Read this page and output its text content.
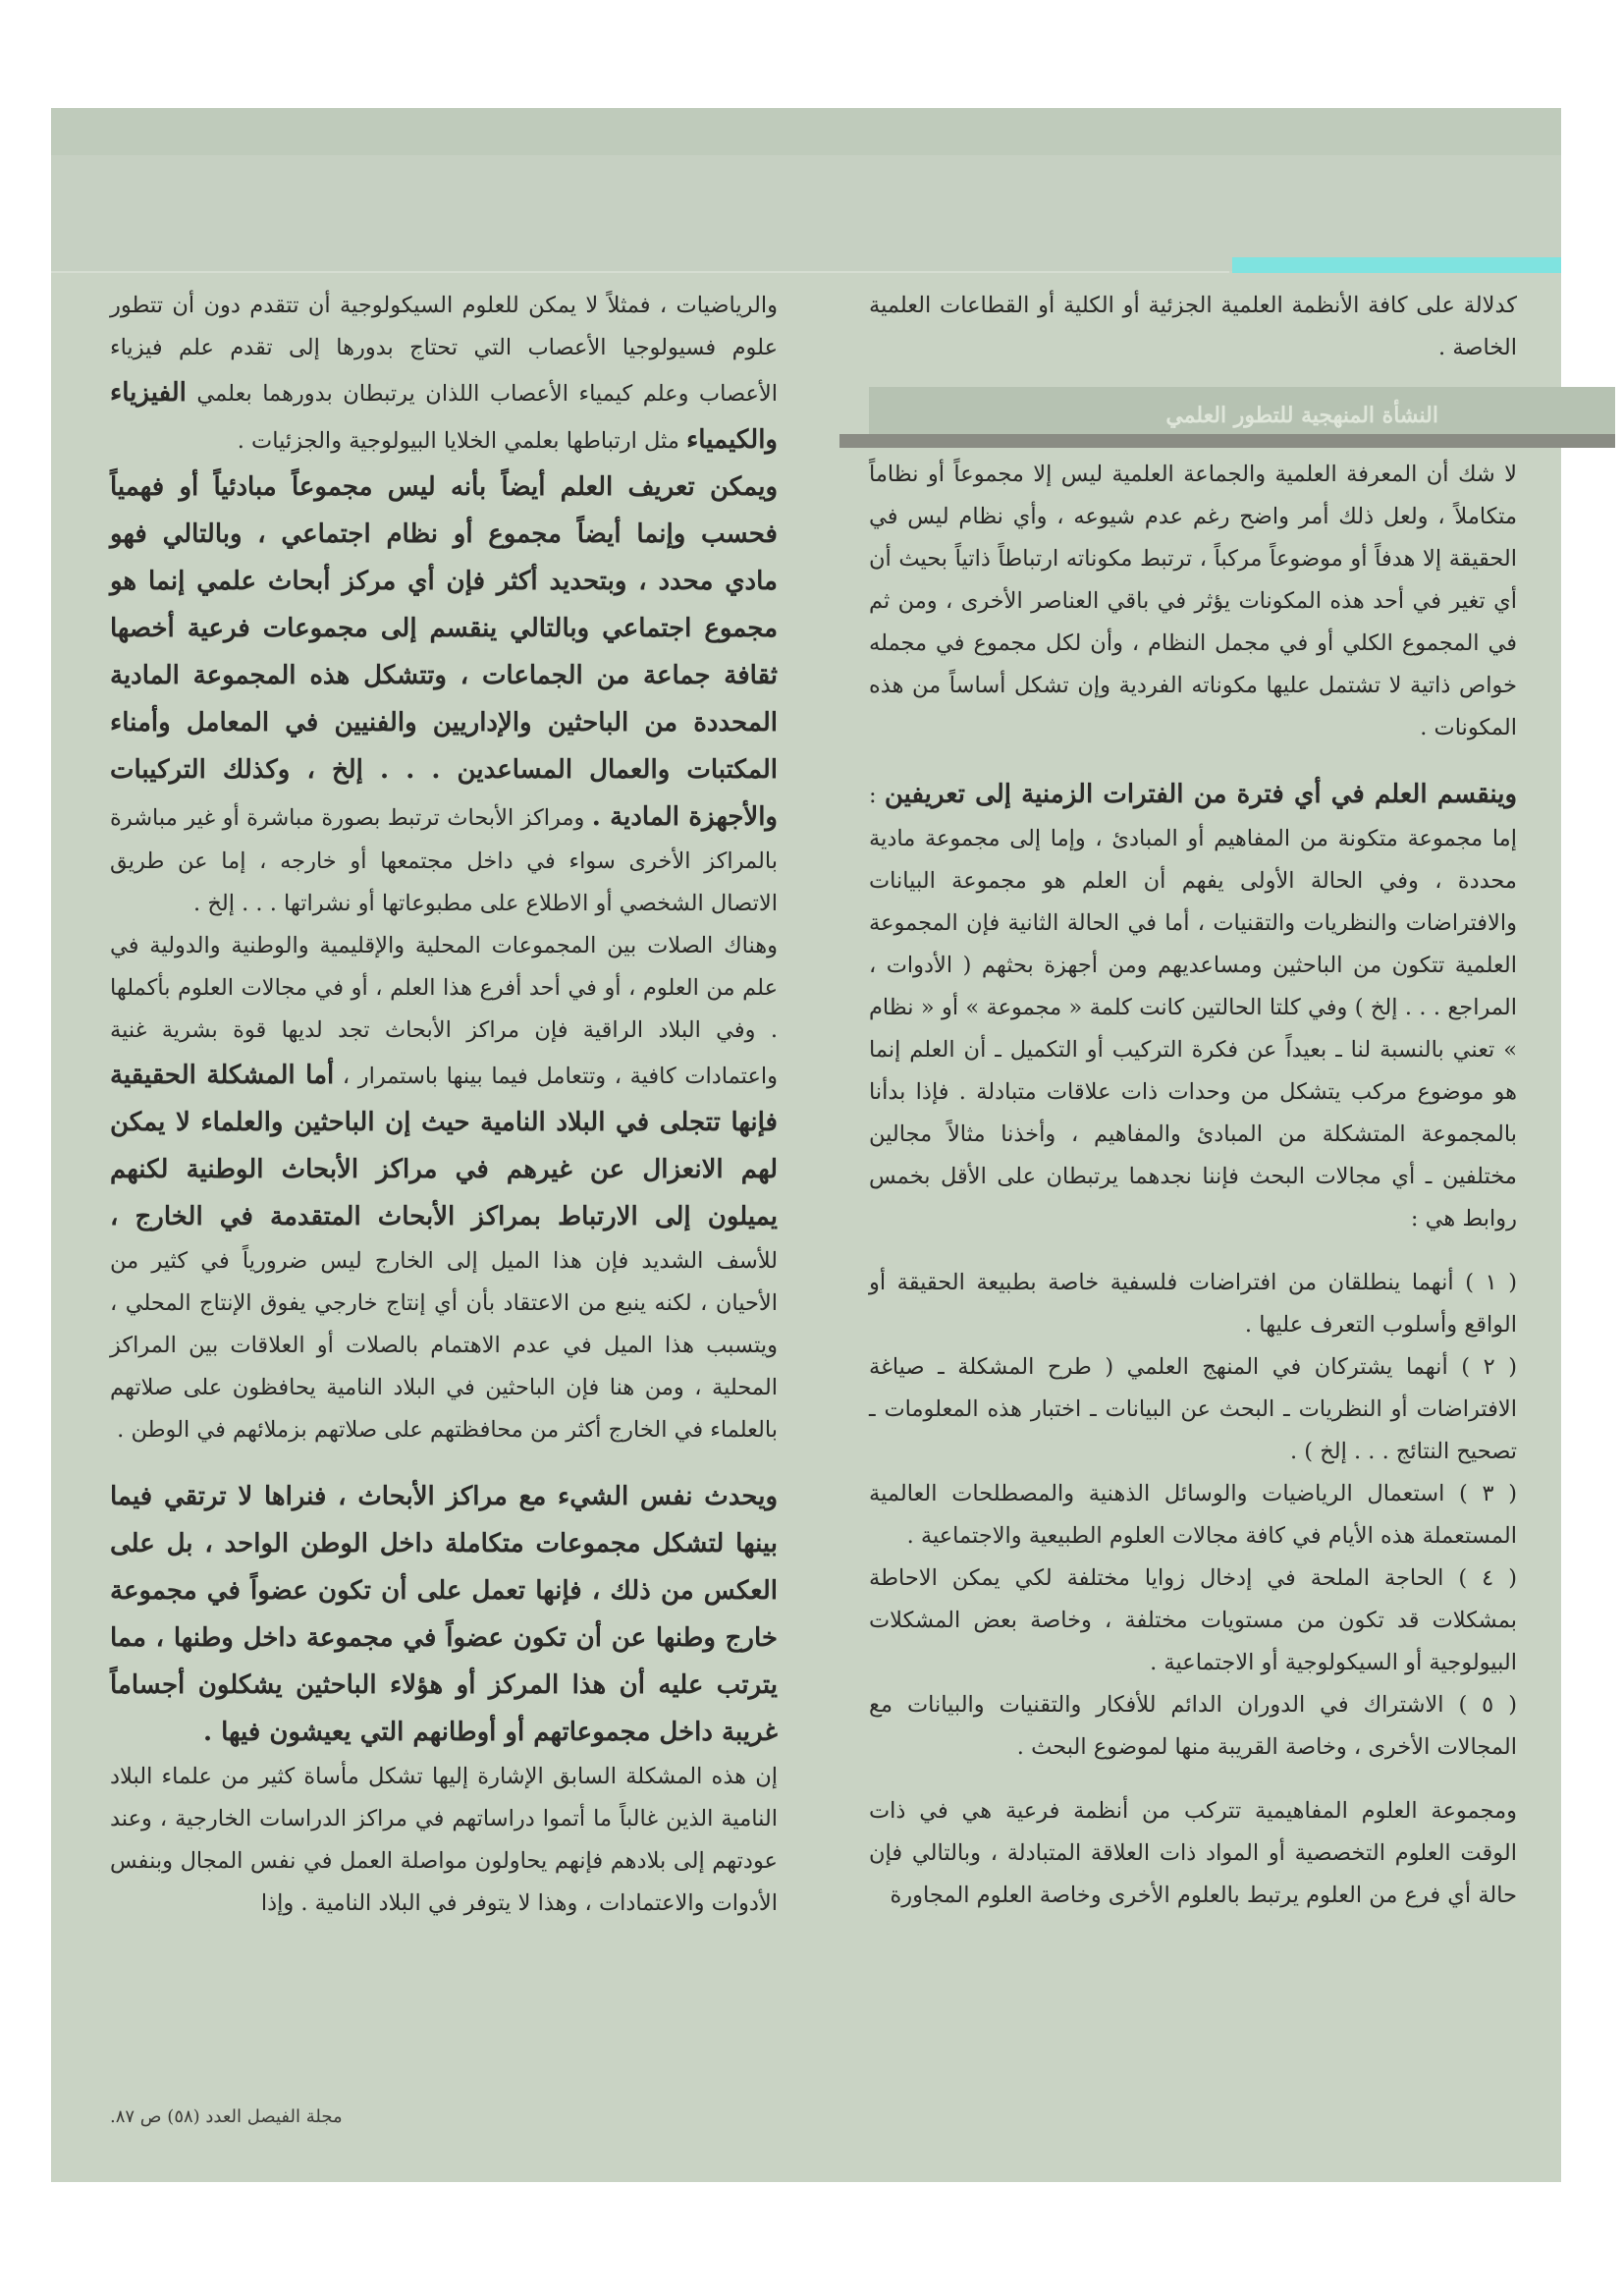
كدلالة على كافة الأنظمة العلمية الجزئية أو الكلية أو القطاعات العلمية الخاصة .

النشأة المنهجية للتطور العلمي

لا شك أن المعرفة العلمية والجماعة العلمية ليس إلا مجموعاً أو نظاماً متكاملاً ، ولعل ذلك أمر واضح رغم عدم شيوعه ، وأي نظام ليس في الحقيقة إلا هدفاً أو موضوعاً مركباً ، ترتبط مكوناته ارتباطاً ذاتياً بحيث أن أي تغير في أحد هذه المكونات يؤثر في باقي العناصر الأخرى ، ومن ثم في المجموع الكلي أو في مجمل النظام ، وأن لكل مجموع في مجمله خواص ذاتية لا تشتمل عليها مكوناته الفردية وإن تشكل أساساً من هذه المكونات .

وينقسم العلم في أي فترة من الفترات الزمنية إلى تعريفين : إما مجموعة متكونة من المفاهيم أو المبادئ ، وإما إلى مجموعة مادية محددة ، وفي الحالة الأولى يفهم أن العلم هو مجموعة البيانات والافتراضات والنظريات والتقنيات ، أما في الحالة الثانية فإن المجموعة العلمية تتكون من الباحثين ومساعديهم ومن أجهزة بحثهم ( الأدوات ، المراجع . . . إلخ ) وفي كلتا الحالتين كانت كلمة « مجموعة » أو « نظام » تعني بالنسبة لنا ـ بعيداً عن فكرة التركيب أو التكميل ـ أن العلم إنما هو موضوع مركب يتشكل من وحدات ذات علاقات متبادلة . فإذا بدأنا بالمجموعة المتشكلة من المبادئ والمفاهيم ، وأخذنا مثالاً مجالين مختلفين ـ أي مجالات البحث فإننا نجدهما يرتبطان على الأقل بخمس روابط هي :

( ١ ) أنهما ينطلقان من افتراضات فلسفية خاصة بطبيعة الحقيقة أو الواقع وأسلوب التعرف عليها .

( ٢ ) أنهما يشتركان في المنهج العلمي ( طرح المشكلة ـ صياغة الافتراضات أو النظريات ـ البحث عن البيانات ـ اختبار هذه المعلومات ـ تصحيح النتائج . . . إلخ ) .

( ٣ ) استعمال الرياضيات والوسائل الذهنية والمصطلحات العالمية المستعملة هذه الأيام في كافة مجالات العلوم الطبيعية والاجتماعية .

( ٤ ) الحاجة الملحة في إدخال زوايا مختلفة لكي يمكن الاحاطة بمشكلات قد تكون من مستويات مختلفة ، وخاصة بعض المشكلات البيولوجية أو السيكولوجية أو الاجتماعية .

( ٥ ) الاشتراك في الدوران الدائم للأفكار والتقنيات والبيانات مع المجالات الأخرى ، وخاصة القريبة منها لموضوع البحث .

ومجموعة العلوم المفاهيمية تتركب من أنظمة فرعية هي في ذات الوقت العلوم التخصصية أو المواد ذات العلاقة المتبادلة ، وبالتالي فإن حالة أي فرع من العلوم يرتبط بالعلوم الأخرى وخاصة العلوم المجاورة

والرياضيات ، فمثلاً لا يمكن للعلوم السيكولوجية أن تتقدم دون أن تتطور علوم فسيولوجيا الأعصاب التي تحتاج بدورها إلى تقدم علم فيزياء الأعصاب وعلم كيمياء الأعصاب اللذان يرتبطان بدورهما بعلمي الفيزياء والكيمياء مثل ارتباطها بعلمي الخلايا البيولوجية والجزئيات .

ويمكن تعريف العلم أيضاً بأنه ليس مجموعاً مبادئياً أو فهمياً فحسب وإنما أيضاً مجموع أو نظام اجتماعي ، وبالتالي فهو مادي محدد ، وبتحديد أكثر فإن أي مركز أبحاث علمي إنما هو مجموع اجتماعي وبالتالي ينقسم إلى مجموعات فرعية أخصها ثقافة جماعة من الجماعات ، وتتشكل هذه المجموعة المادية المحددة من الباحثين والإداريين والفنيين في المعامل وأمناء المكتبات والعمال المساعدين . . . إلخ ، وكذلك التركيبات والأجهزة المادية . ومراكز الأبحاث ترتبط بصورة مباشرة أو غير مباشرة بالمراكز الأخرى سواء في داخل مجتمعها أو خارجه ، إما عن طريق الاتصال الشخصي أو الاطلاع على مطبوعاتها أو نشراتها . . . إلخ .

وهناك الصلات بين المجموعات المحلية والإقليمية والوطنية والدولية في علم من العلوم ، أو في أحد أفرع هذا العلم ، أو في مجالات العلوم بأكملها . وفي البلاد الراقية فإن مراكز الأبحاث تجد لديها قوة بشرية غنية واعتمادات كافية ، وتتعامل فيما بينها باستمرار ، أما المشكلة الحقيقية فإنها تتجلى في البلاد النامية حيث إن الباحثين والعلماء لا يمكن لهم الانعزال عن غيرهم في مراكز الأبحاث الوطنية لكنهم يميلون إلى الارتباط بمراكز الأبحاث المتقدمة في الخارج ، للأسف الشديد فإن هذا الميل إلى الخارج ليس ضرورياً في كثير من الأحيان ، لكنه ينبع من الاعتقاد بأن أي إنتاج خارجي يفوق الإنتاج المحلي ، ويتسبب هذا الميل في عدم الاهتمام بالصلات أو العلاقات بين المراكز المحلية ، ومن هنا فإن الباحثين في البلاد النامية يحافظون على صلاتهم بالعلماء في الخارج أكثر من محافظتهم على صلاتهم بزملائهم في الوطن .

ويحدث نفس الشيء مع مراكز الأبحاث ، فنراها لا ترتقي فيما بينها لتشكل مجموعات متكاملة داخل الوطن الواحد ، بل على العكس من ذلك ، فإنها تعمل على أن تكون عضواً في مجموعة خارج وطنها عن أن تكون عضواً في مجموعة داخل وطنها ، مما يترتب عليه أن هذا المركز أو هؤلاء الباحثين يشكلون أجساماً غريبة داخل مجموعاتهم أو أوطانهم التي يعيشون فيها .

إن هذه المشكلة السابق الإشارة إليها تشكل مأساة كثير من علماء البلاد النامية الذين غالباً ما أتموا دراساتهم في مراكز الدراسات الخارجية ، وعند عودتهم إلى بلادهم فإنهم يحاولون مواصلة العمل في نفس المجال وبنفس الأدوات والاعتمادات ، وهذا لا يتوفر في البلاد النامية . وإذا

مجلة الفيصل العدد (٥٨) ص ٨٧.
